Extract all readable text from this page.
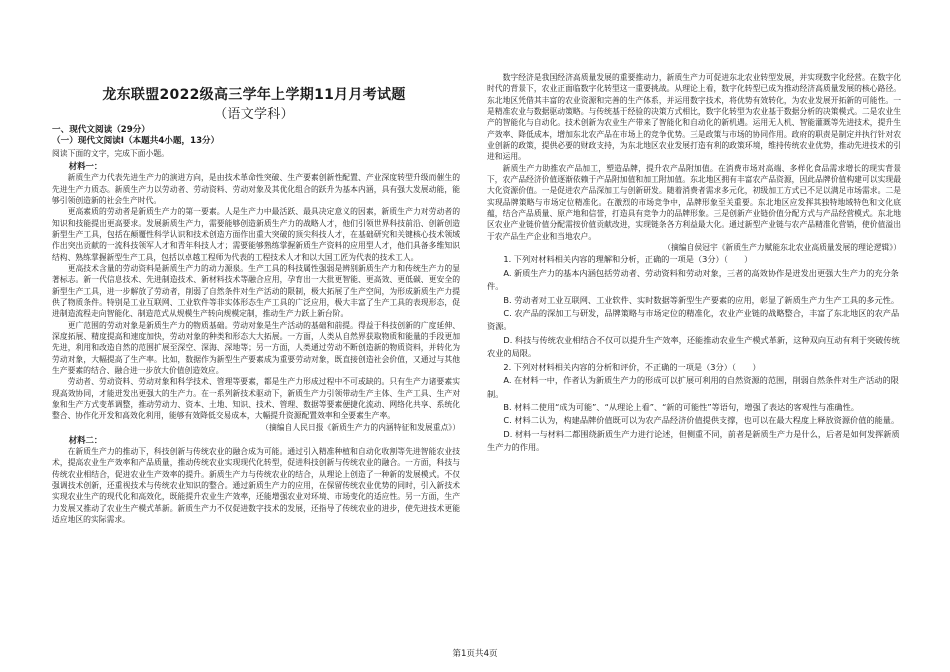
龙东联盟2022级高三学年上学期11月月考试题
（语文学科）

一、现代文阅读（29分）

（一）现代文阅读Ⅰ（本题共4小题，13分）

阅读下面的文字，完成下面小题。

材料一：

新质生产力代表先进生产力的演进方向，是由技术革命性突破、生产要素创新性配置、产业深度转型升级而催生的先进生产力质态。新质生产力以劳动者、劳动资料、劳动对象及其优化组合的跃升为基本内涵，具有强大发展动能，能够引领创造新的社会生产时代。

更高素质的劳动者是新质生产力的第一要素。人是生产力中最活跃、最具决定意义的因素，新质生产力对劳动者的知识和技能提出更高要求。发展新质生产力，需要能够创造新质生产力的战略人才，他们引领世界科技前沿、创新创造新型生产工具，包括在颠覆性科学认识和技术创造方面作出重大突破的顶尖科技人才，在基础研究和关键核心技术领域作出突出贡献的一流科技领军人才和青年科技人才；需要能够熟练掌握新质生产资料的应用型人才，他们具备多维知识结构、熟练掌握新型生产工具，包括以卓越工程师为代表的工程技术人才和以大国工匠为代表的技术工人。

更高技术含量的劳动资料是新质生产力的动力源泉。生产工具的科技属性强弱是辨别新质生产力和传统生产力的显著标志。新一代信息技术、先进制造技术、新材料技术等融合应用，孕育出一大批更智能、更高效、更低碳、更安全的新型生产工具，进一步解放了劳动者，削弱了自然条件对生产活动的限制，极大拓展了生产空间，为形成新质生产力提供了物质条件。特别是工业互联网、工业软件等非实体形态生产工具的广泛应用，极大丰富了生产工具的表现形态，促进制造流程走向智能化、制造范式从规模生产转向规模定制，推动生产力跃上新台阶。

更广范围的劳动对象是新质生产力的物质基础。劳动对象是生产活动的基础和前提。得益于科技创新的广度延伸、深度拓展、精度提高和速度加快，劳动对象的种类和形态大大拓展。一方面，人类从自然界获取物质和能量的手段更加先进，利用和改造自然的范围扩展至深空、深海、深地等；另一方面，人类通过劳动不断创造新的物质资料，并转化为劳动对象，大幅提高了生产率。比如，数据作为新型生产要素成为重要劳动对象，既直接创造社会价值，又通过与其他生产要素的结合、融合进一步放大价值创造效应。

劳动者、劳动资料、劳动对象和科学技术、管理等要素，都是生产力形成过程中不可或缺的。只有生产力诸要素实现高效协同，才能迸发出更强大的生产力。在一系列新技术驱动下，新质生产力引领带动生产主体、生产工具、生产对象和生产方式变革调整，推动劳动力、资本、土地、知识、技术、管理、数据等要素便捷化流动、网络化共享、系统化整合、协作化开发和高效化利用，能够有效降低交易成本，大幅提升资源配置效率和全要素生产率。

（摘编自人民日报《新质生产力的内涵特征和发展重点》）

材料二：

在新质生产力的推动下，科技创新与传统农业的融合成为可能。通过引入精准种植和自动化收割等先进智能农业技术，提高农业生产效率和产品质量，推动传统农业实现现代化转型，促进科技创新与传统农业的融合。一方面，科技与传统农业相结合，促进农业生产效率的提升。新质生产力与传统农业的结合，从理论上创造了一种新的发展模式。不仅强调技术创新，还重视技术与传统农业知识的整合。通过新质生产力的应用，在保留传统农业优势的同时，引入新技术实现农业生产的现代化和高效化，既能提升农业生产效率，还能增强农业对环境、市场变化的适应性。另一方面，生产力发展又推动了农业生产模式革新。新质生产力不仅促进数字技术的发展，还指导了传统农业的进步，使先进技术更能适应地区的实际需求。

数字经济是我国经济高质量发展的重要推动力，新质生产力可促进东北农业转型发展，并实现数字化经营。在数字化时代的背景下，农业正面临数字化转型这一重要挑战。从理论上看，数字化转型已成为推动经济高质量发展的核心路径。东北地区凭借其丰富的农业资源和完善的生产体系，并运用数字技术，将优势有效转化，为农业发展开拓新的可能性。一是精准农业与数据驱动策略。与传统基于经验的决策方式相比，数字化转型为农业基于数据分析的决策模式。二是农业生产的智能化与自动化。技术创新为农业生产带来了智能化和自动化的新机遇。运用无人机、智能灌溉等先进技术，提升生产效率、降低成本，增加东北农产品在市场上的竞争优势。三是政策与市场的协同作用。政府的职责是制定并执行针对农业创新的政策，提供必要的财政支持，为东北地区农业发展打造有利的政策环境，维持传统农业优势，推动先进技术的引进和运用。

新质生产力助推农产品加工，塑造品牌，提升农产品附加值。在消费市场对高端、多样化食品需求增长的现实背景下，农产品经济价值逐渐依赖于产品附加值和加工附加值。东北地区拥有丰富农产品资源，因此品牌价值构建可以实现最大化资源价值。一是促进农产品深加工与创新研发。随着消费者需求多元化，初级加工方式已不足以满足市场需求。二是实现品牌策略与市场定位精准化。在激烈的市场竞争中，品牌形象至关重要。东北地区应发挥其独特地域特色和文化底蕴，结合产品质量、原产地和信誉，打造具有竞争力的品牌形象。三是创新产业链价值分配方式与产品经营模式。东北地区农业产业链价值分配需按价值贡献改进，实现链条各方利益最大化。通过新型产业链与农产品精准化营销，使价值溢出于农产品生产企业和当地农户。

（摘编自侯冠宇《新质生产力赋能东北农业高质量发展的理论逻辑》）

1. 下列对材料相关内容的理解和分析，正确的一项是（3分）（　　）

A. 新质生产力的基本内涵包括劳动者、劳动资料和劳动对象，三者的高效协作是迸发出更强大生产力的充分条件。

B. 劳动者对工业互联网、工业软件、实时数据等新型生产要素的应用，彰显了新质生产力生产工具的多元性。

C. 农产品的深加工与研发，品牌策略与市场定位的精准化，农业产业链的战略整合，丰富了东北地区的农产品资源。

D. 科技与传统农业相结合不仅可以提升生产效率，还能推动农业生产模式革新，这种双向互动有利于突破传统农业的局限。

2. 下列对材料相关内容的分析和评价，不正确的一项是（3分）（　　）

A. 在材料一中，作者认为新质生产力的形成可以扩展可利用的自然资源的范围，削弱自然条件对生产活动的限制。

B. 材料二使用“成为可能”、“从理论上看”、“新的可能性”等语句，增强了表达的客观性与准确性。

C. 材料二认为，构建品牌价值既可以为农产品经济价值提供支撑，也可以在最大程度上释放资源价值的能量。

D. 材料一与材料二都围绕新质生产力进行论述，但侧重不同，前者是新质生产力是什么，后者是如何发挥新质生产力的作用。

第1页共4页
